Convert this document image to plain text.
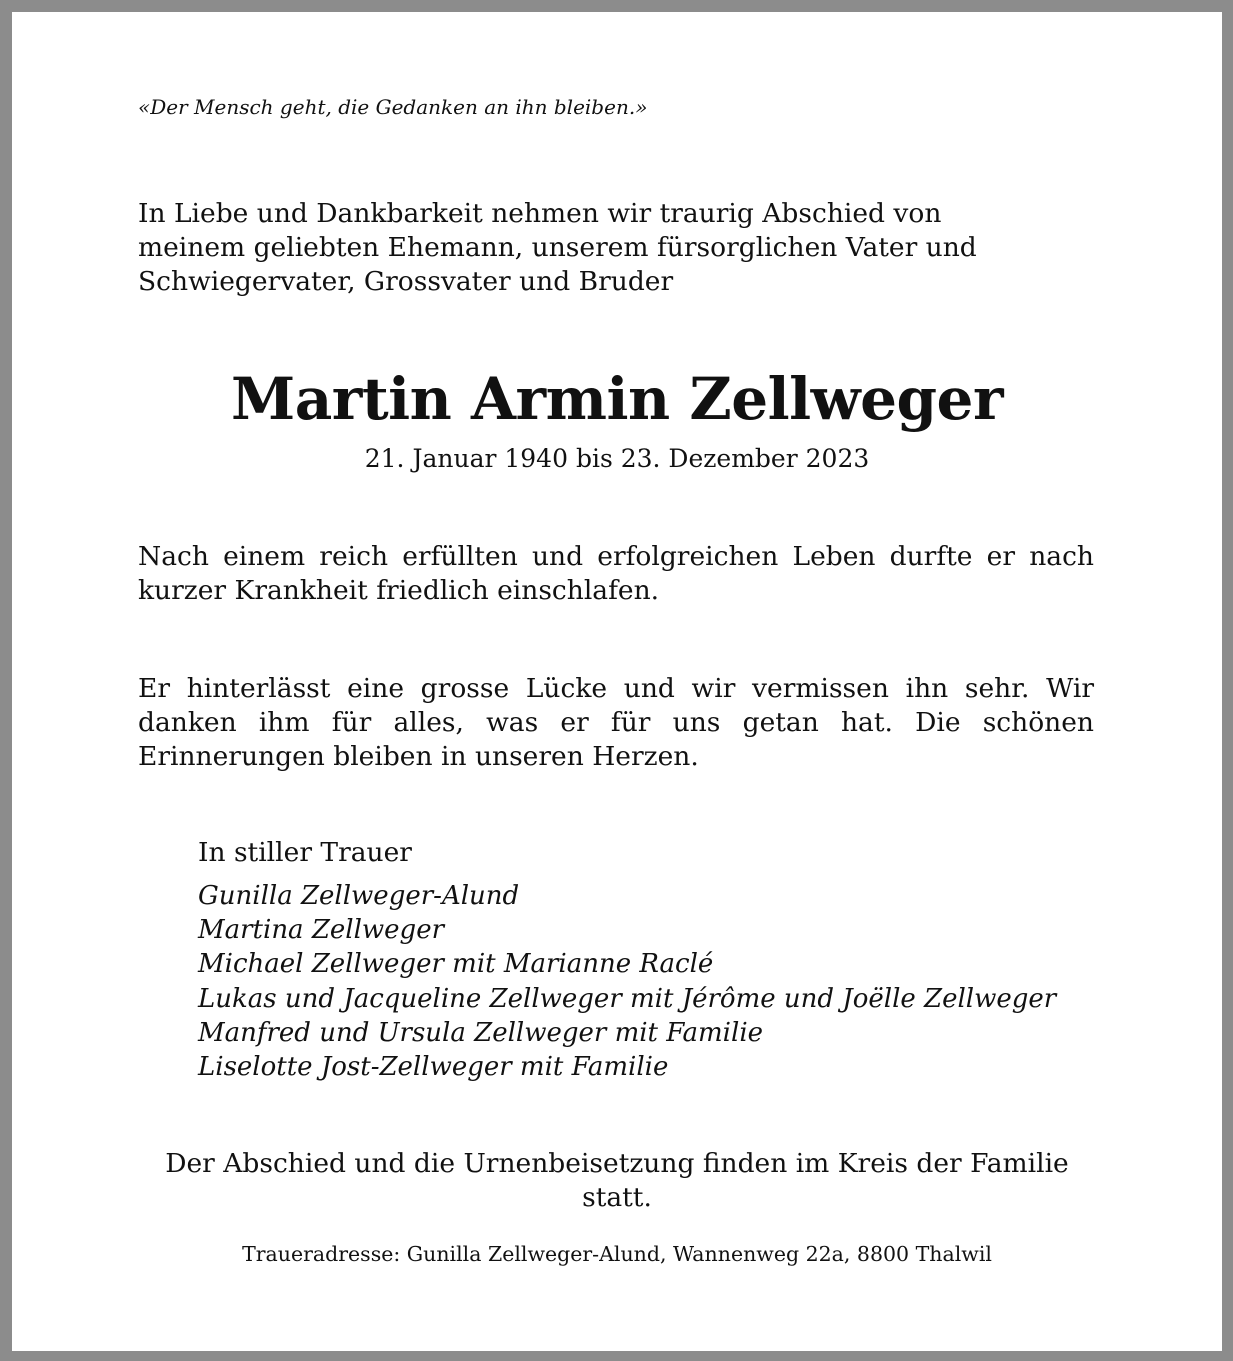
«Der Mensch geht, die Gedanken an ihn bleiben.»
In Liebe und Dankbarkeit nehmen wir traurig Abschied von
meinem geliebten Ehemann, unserem fürsorglichen Vater und
Schwiegervater, Grossvater und Bruder
Martin Armin Zellweger
21. Januar 1940 bis 23. Dezember 2023
Nach einem reich erfüllten und erfolgreichen Leben durfte er nach kurzer Krankheit friedlich einschlafen.
Er hinterlässt eine grosse Lücke und wir vermissen ihn sehr. Wir danken ihm für alles, was er für uns getan hat. Die schönen Erinnerungen bleiben in unseren Herzen.
In stiller Trauer
Gunilla Zellweger-Alund
Martina Zellweger
Michael Zellweger mit Marianne Raclé
Lukas und Jacqueline Zellweger mit Jérôme und Joëlle Zellweger
Manfred und Ursula Zellweger mit Familie
Liselotte Jost-Zellweger mit Familie
Der Abschied und die Urnenbeisetzung finden im Kreis der Familie statt.
Traueradresse: Gunilla Zellweger-Alund, Wannenweg 22a, 8800 Thalwil
